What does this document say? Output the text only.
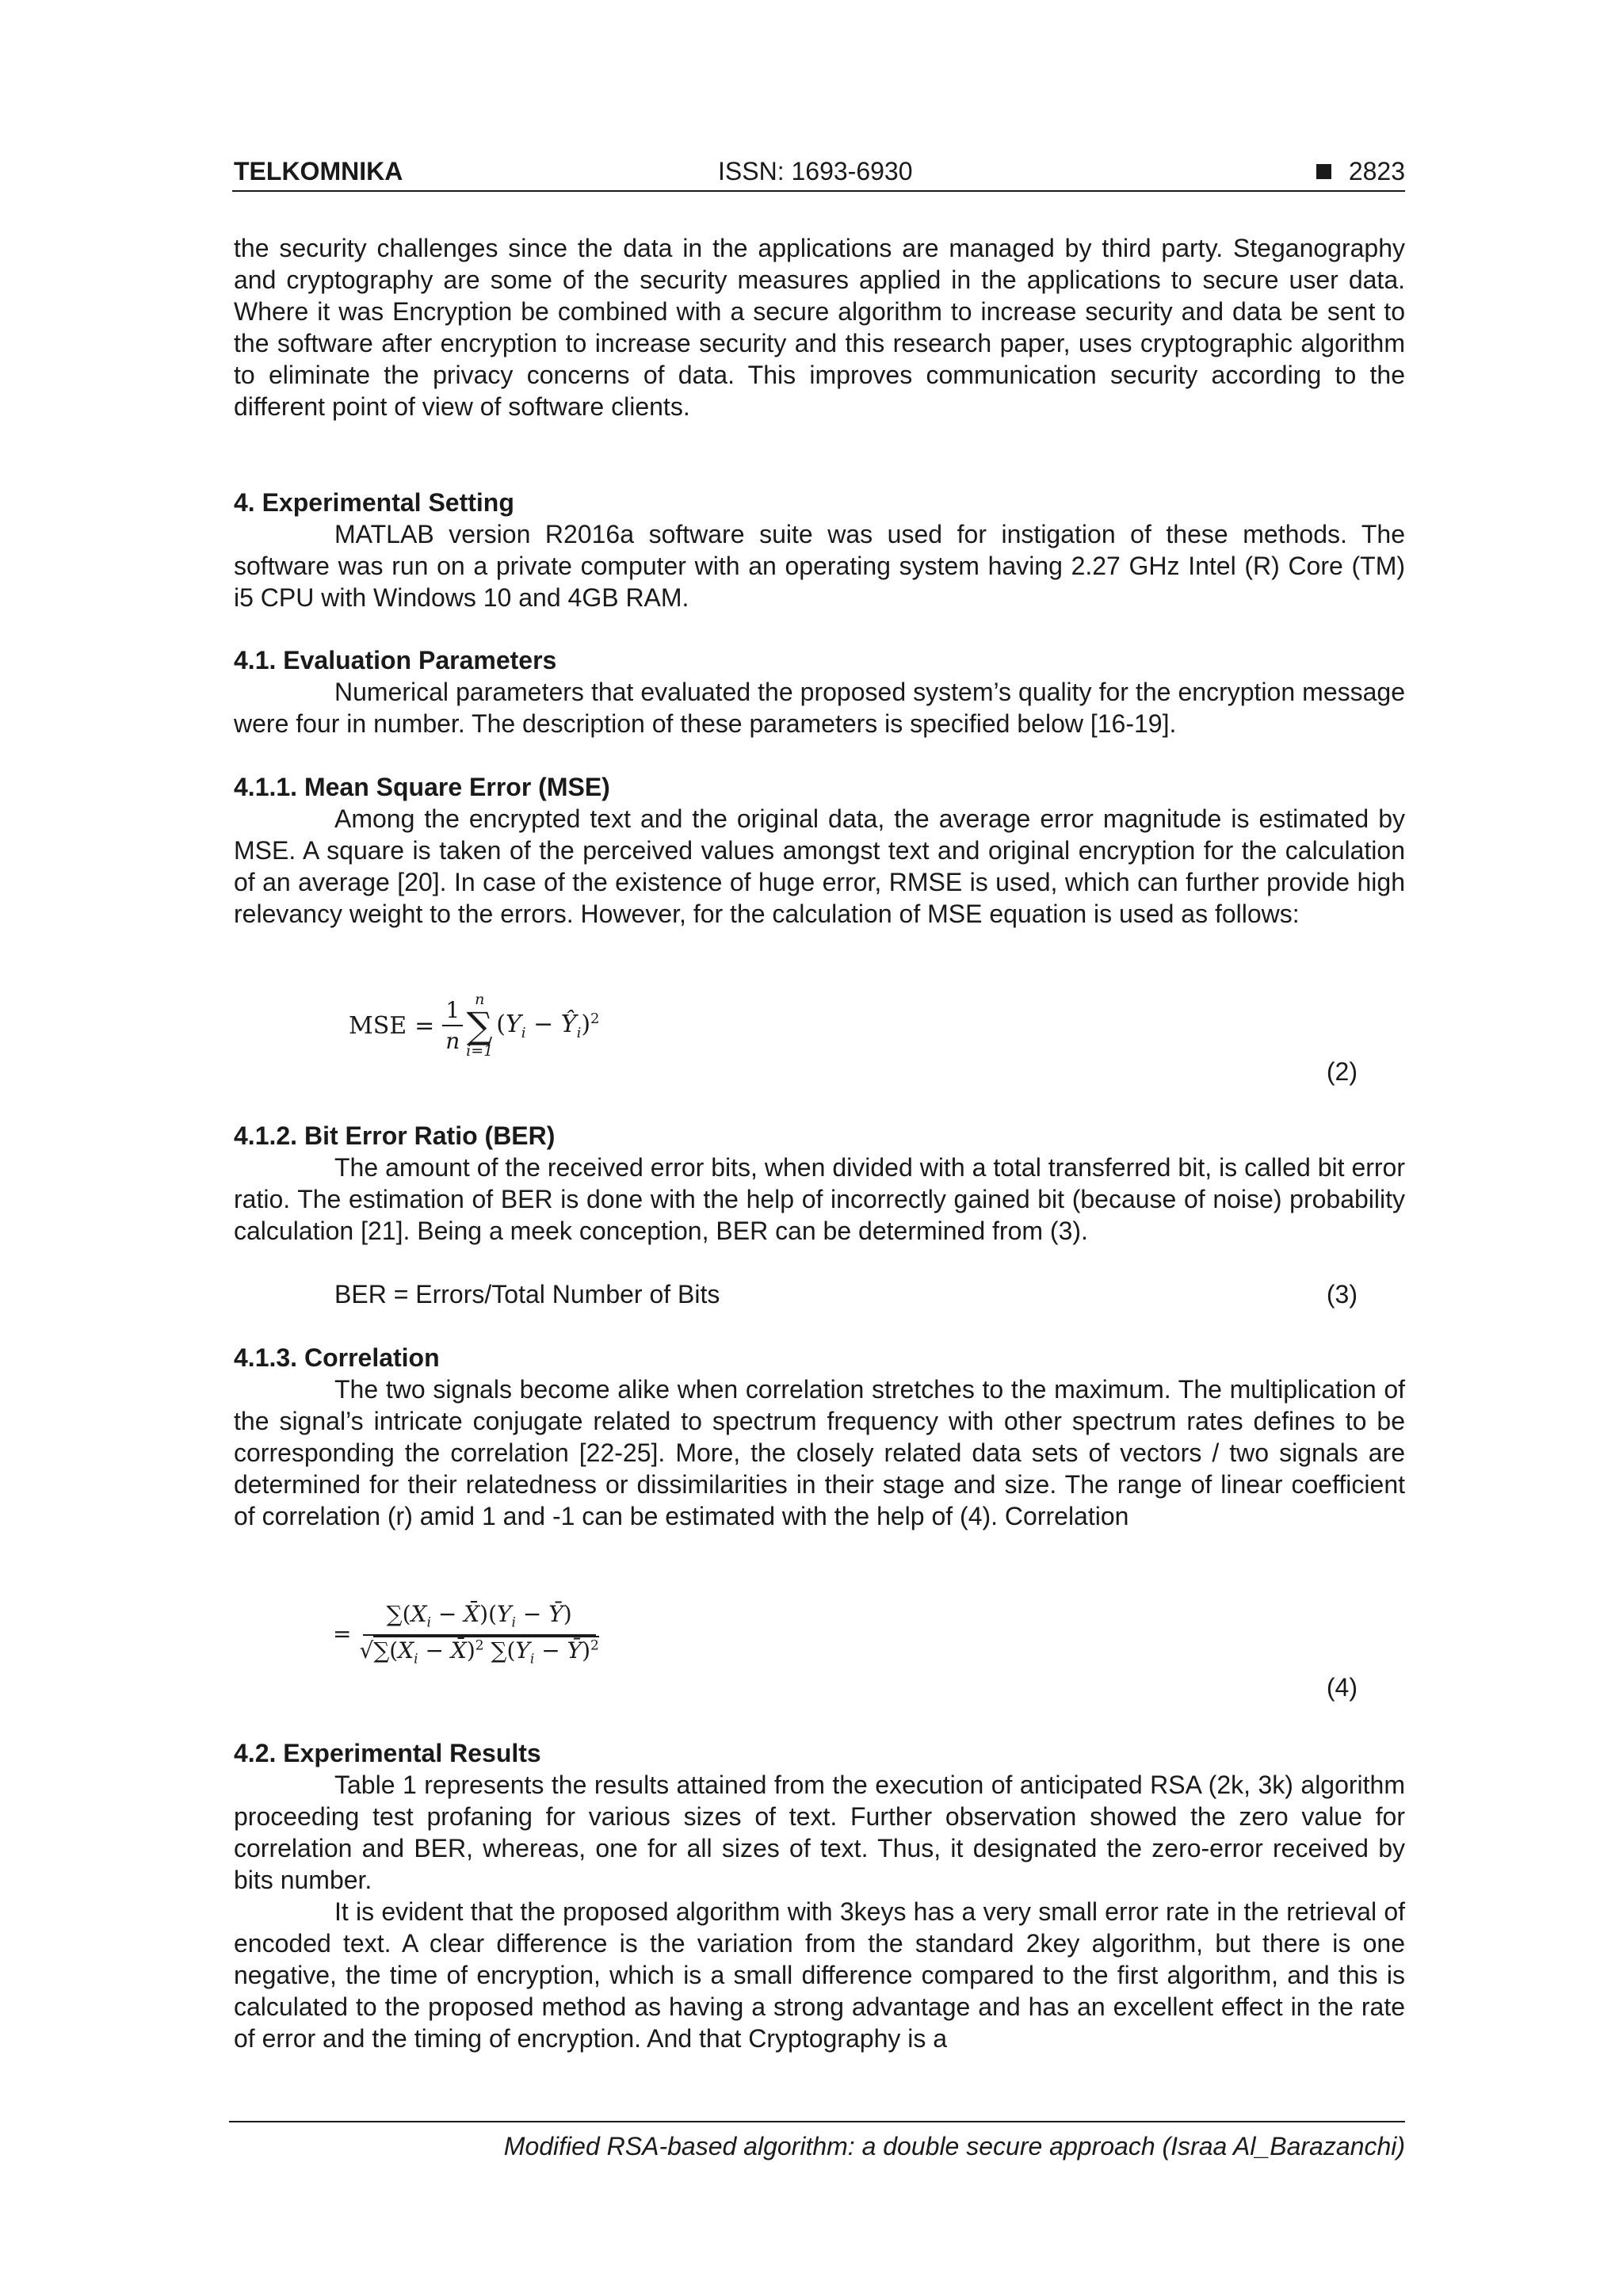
TELKOMNIKA	ISSN: 1693-6930	2823

the security challenges since the data in the applications are managed by third party. Steganography and cryptography are some of the security measures applied in the applications to secure user data. Where it was Encryption be combined with a secure algorithm to increase security and data be sent to the software after encryption to increase security and this research paper, uses cryptographic algorithm to eliminate the privacy concerns of data. This improves communication security according to the different point of view of software clients.

4. Experimental Setting

MATLAB version R2016a software suite was used for instigation of these methods. The software was run on a private computer with an operating system having 2.27 GHz Intel (R) Core (TM) i5 CPU with Windows 10 and 4GB RAM.

4.1. Evaluation Parameters

Numerical parameters that evaluated the proposed system’s quality for the encryption message were four in number. The description of these parameters is specified below [16-19].

4.1.1. Mean Square Error (MSE)

Among the encrypted text and the original data, the average error magnitude is estimated by MSE. A square is taken of the perceived values amongst text and original encryption for the calculation of an average [20]. In case of the existence of huge error, RMSE is used, which can further provide high relevancy weight to the errors. However, for the calculation of MSE equation is used as follows:

MSE = $\frac{1}{n}$ n
∑
i=1
($Y_i$ − $Ŷ_i)^2$
(2)
4.1.2. Bit Error Ratio (BER)

The amount of the received error bits, when divided with a total transferred bit, is called bit error ratio. The estimation of BER is done with the help of incorrectly gained bit (because of noise) probability calculation [21]. Being a meek conception, BER can be determined from (3).

BER = Errors/Total Number of Bits	(3)
4.1.3. Correlation

The two signals become alike when correlation stretches to the maximum. The multiplication of the signal’s intricate conjugate related to spectrum frequency with other spectrum rates defines to be corresponding the correlation [22-25]. More, the closely related data sets of vectors / two signals are determined for their relatedness or dissimilarities in their stage and size. The range of linear coefficient of correlation (r) amid 1 and -1 can be estimated with the help of (4). Correlation

= $\frac{\sum(X_i - X̄)(Y_i - Ȳ)}{√\sum(X_i - X̄)^2 \sum(Y_i - Ȳ)^2}$
(4)
4.2. Experimental Results

Table 1 represents the results attained from the execution of anticipated RSA (2k, 3k) algorithm proceeding test profaning for various sizes of text. Further observation showed the zero value for correlation and BER, whereas, one for all sizes of text. Thus, it designated the zero-error received by bits number.

It is evident that the proposed algorithm with 3keys has a very small error rate in the retrieval of encoded text. A clear difference is the variation from the standard 2key algorithm, but there is one negative, the time of encryption, which is a small difference compared to the first algorithm, and this is calculated to the proposed method as having a strong advantage and has an excellent effect in the rate of error and the timing of encryption. And that Cryptography is a

Modified RSA-based algorithm: a double secure approach (Israa Al_Barazanchi)
